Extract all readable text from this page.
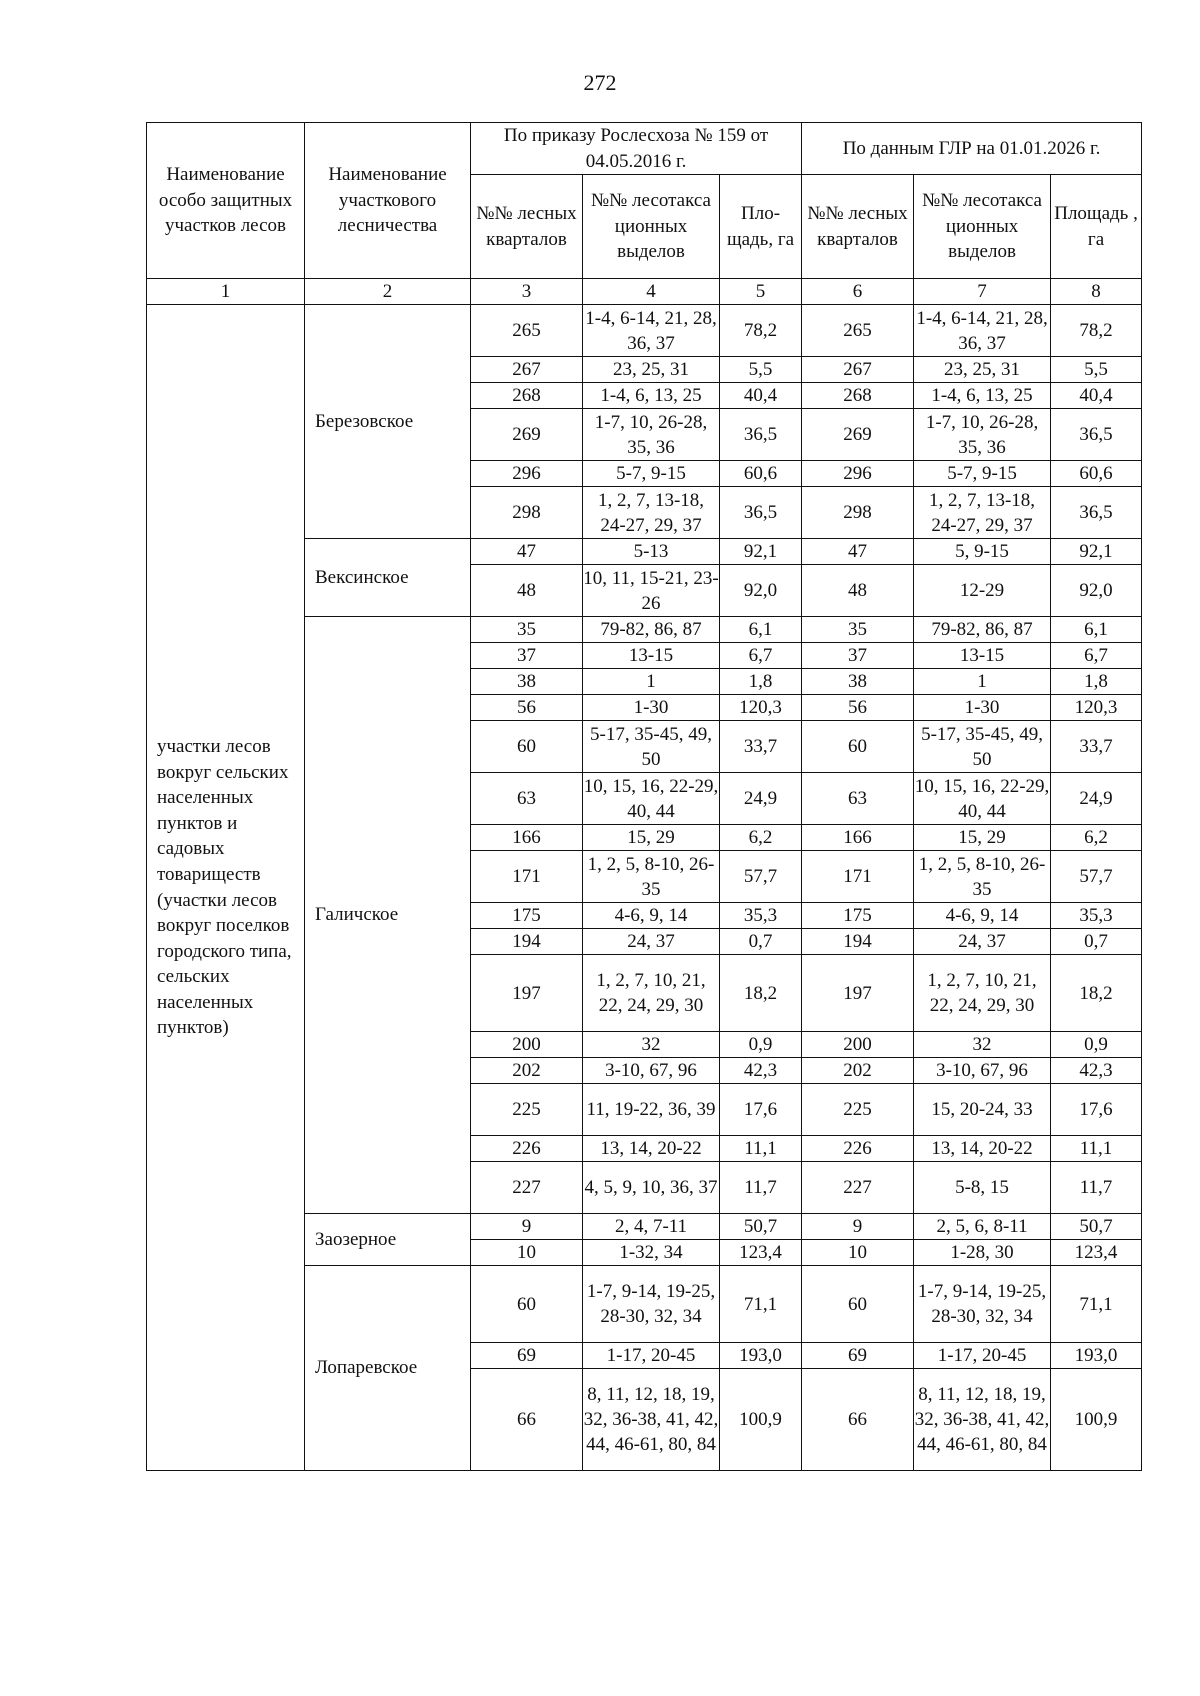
272
Наименование особо защитных участков лесов	Наименование участкового лесничества	По приказу Рослесхоза № 159 от 04.05.2016 г.			По данным ГЛР на 01.01.2026 г.		
		№№ лесных кварталов	№№ лесотакса ционных выделов	Пло- щадь, га	№№ лесных кварталов	№№ лесотакса ционных выделов	Площадь , га
1	2	3	4	5	6	7	8
участки лесов вокруг сельских населенных пунктов и садовых товариществ (участки лесов вокруг поселков городского типа, сельских населенных пунктов)	Березовское	265	1-4, 6-14, 21, 28, 36, 37	78,2	265	1-4, 6-14, 21, 28, 36, 37	78,2
		267	23, 25, 31	5,5	267	23, 25, 31	5,5
		268	1-4, 6, 13, 25	40,4	268	1-4, 6, 13, 25	40,4
		269	1-7, 10, 26-28, 35, 36	36,5	269	1-7, 10, 26-28, 35, 36	36,5
		296	5-7, 9-15	60,6	296	5-7, 9-15	60,6
		298	1, 2, 7, 13-18, 24-27, 29, 37	36,5	298	1, 2, 7, 13-18, 24-27, 29, 37	36,5
	Вексинское	47	5-13	92,1	47	5, 9-15	92,1
		48	10, 11, 15-21, 23-26	92,0	48	12-29	92,0
	Галичское	35	79-82, 86, 87	6,1	35	79-82, 86, 87	6,1
		37	13-15	6,7	37	13-15	6,7
		38	1	1,8	38	1	1,8
		56	1-30	120,3	56	1-30	120,3
		60	5-17, 35-45, 49, 50	33,7	60	5-17, 35-45, 49, 50	33,7
		63	10, 15, 16, 22-29, 40, 44	24,9	63	10, 15, 16, 22-29, 40, 44	24,9
		166	15, 29	6,2	166	15, 29	6,2
		171	1, 2, 5, 8-10, 26-35	57,7	171	1, 2, 5, 8-10, 26-35	57,7
		175	4-6, 9, 14	35,3	175	4-6, 9, 14	35,3
		194	24, 37	0,7	194	24, 37	0,7
		197	1, 2, 7, 10, 21, 22, 24, 29, 30	18,2	197	1, 2, 7, 10, 21, 22, 24, 29, 30	18,2
		200	32	0,9	200	32	0,9
		202	3-10, 67, 96	42,3	202	3-10, 67, 96	42,3
		225	11, 19-22, 36, 39	17,6	225	15, 20-24, 33	17,6
		226	13, 14, 20-22	11,1	226	13, 14, 20-22	11,1
		227	4, 5, 9, 10, 36, 37	11,7	227	5-8, 15	11,7
	Заозерное	9	2, 4, 7-11	50,7	9	2, 5, 6, 8-11	50,7
		10	1-32, 34	123,4	10	1-28, 30	123,4
	Лопаревское	60	1-7, 9-14, 19-25, 28-30, 32, 34	71,1	60	1-7, 9-14, 19-25, 28-30, 32, 34	71,1
		69	1-17, 20-45	193,0	69	1-17, 20-45	193,0
		66	8, 11, 12, 18, 19, 32, 36-38, 41, 42, 44, 46-61, 80, 84	100,9	66	8, 11, 12, 18, 19, 32, 36-38, 41, 42, 44, 46-61, 80, 84	100,9
